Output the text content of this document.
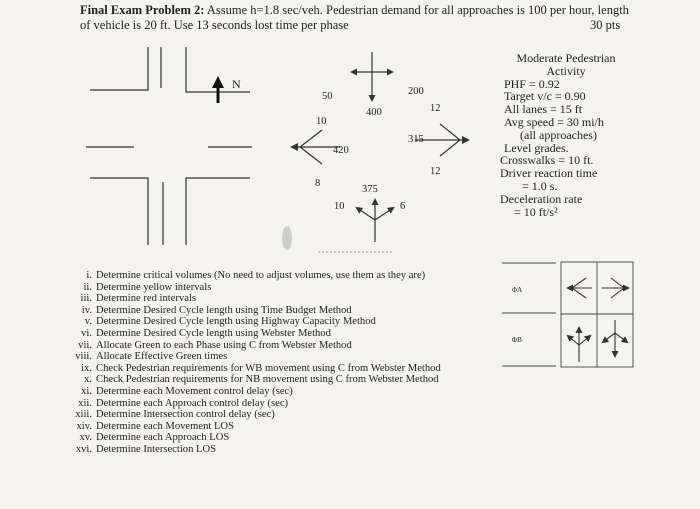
Final Exam Problem 2: Assume h=1.8 sec/veh. Pedestrian demand for all approaches is 100 per hour, length of vehicle is 20 ft. Use 13 seconds lost time per phase	30 pts
N
50
400
10
200
315
12
12
420
8
10
375
6
ΦA
ΦB
Moderate Pedestrian
Activity
PHF = 0.92
Target v/c = 0.90
All lanes = 15 ft
Avg speed = 30 mi/h
(all approaches)
Level grades.
Crosswalks = 10 ft.
Driver reaction time
= 1.0 s.
Deceleration rate
= 10 ft/s²
i. Determine critical volumes (No need to adjust volumes, use them as they are)
ii. Determine yellow intervals
iii. Determine red intervals
iv. Determine Desired Cycle length using Time Budget Method
v. Determine Desired Cycle length using Highway Capacity Method
vi. Determine Desired Cycle length using Webster Method
vii. Allocate Green to each Phase using C from Webster Method
viii. Allocate Effective Green times
ix. Check Pedestrian requirements for WB movement using C from Webster Method
x. Check Pedestrian requirements for NB movement using C from Webster Method
xi. Determine each Movement control delay (sec)
xii. Determine each Approach control delay (sec)
xiii. Determine Intersection control delay (sec)
xiv. Determine each Movement LOS
xv. Determine each Approach LOS
xvi. Determine Intersection LOS
